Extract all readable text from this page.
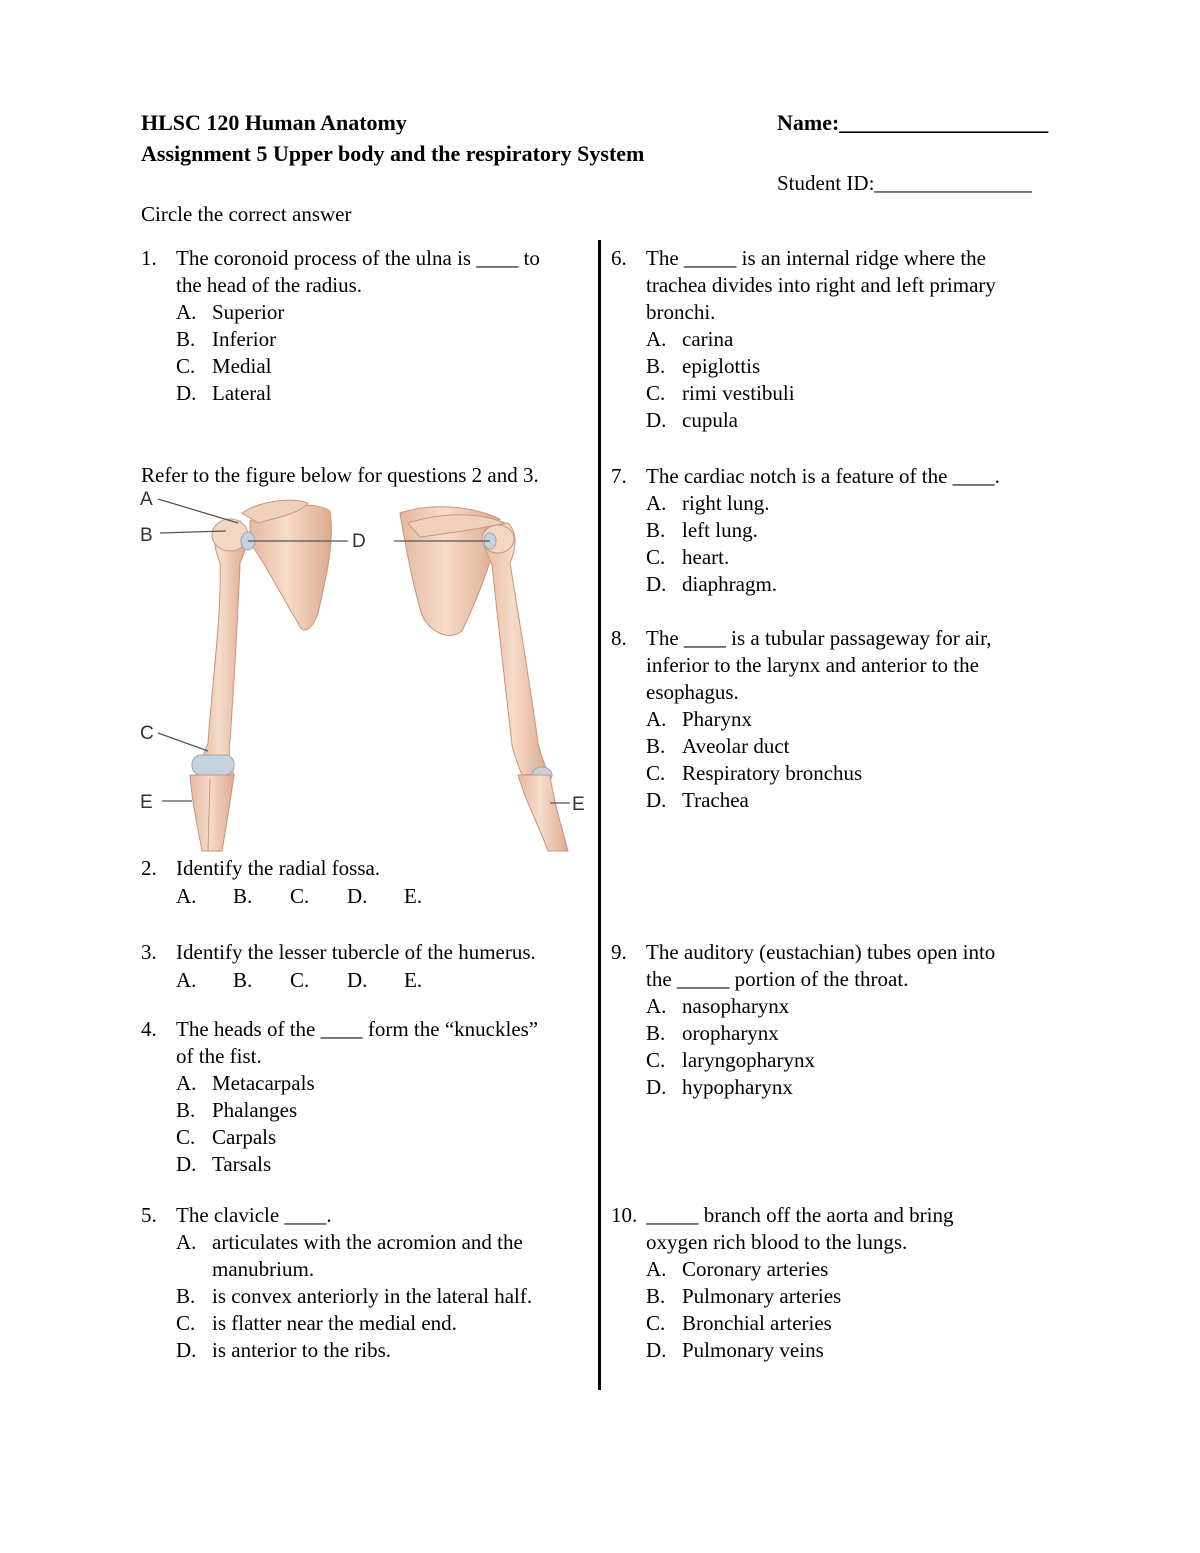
HLSC 120 Human Anatomy
Assignment 5 Upper body and the respiratory System
Name:___________________
Student ID:_______________
Circle the correct answer
1. The coronoid process of the ulna is ____ to
the head of the radius.
A. Superior
B. Inferior
C. Medial
D. Lateral
Refer to the figure below for questions 2 and 3.
A
B	D
C
E	E
2. Identify the radial fossa.
A. B. C. D. E.
3. Identify the lesser tubercle of the humerus.
A. B. C. D. E.
4. The heads of the ____ form the “knuckles”
of the fist.
A. Metacarpals
B. Phalanges
C. Carpals
D. Tarsals
5. The clavicle ____.
A. articulates with the acromion and the
manubrium.
B. is convex anteriorly in the lateral half.
C. is flatter near the medial end.
D. is anterior to the ribs.
6. The _____ is an internal ridge where the
trachea divides into right and left primary
bronchi.
A. carina
B. epiglottis
C. rimi vestibuli
D. cupula
7. The cardiac notch is a feature of the ____.
A. right lung.
B. left lung.
C. heart.
D. diaphragm.
8. The ____ is a tubular passageway for air,
inferior to the larynx and anterior to the
esophagus.
A. Pharynx
B. Aveolar duct
C. Respiratory bronchus
D. Trachea
9. The auditory (eustachian) tubes open into
the _____ portion of the throat.
A. nasopharynx
B. oropharynx
C. laryngopharynx
D. hypopharynx
10. _____ branch off the aorta and bring
oxygen rich blood to the lungs.
A. Coronary arteries
B. Pulmonary arteries
C. Bronchial arteries
D. Pulmonary veins
